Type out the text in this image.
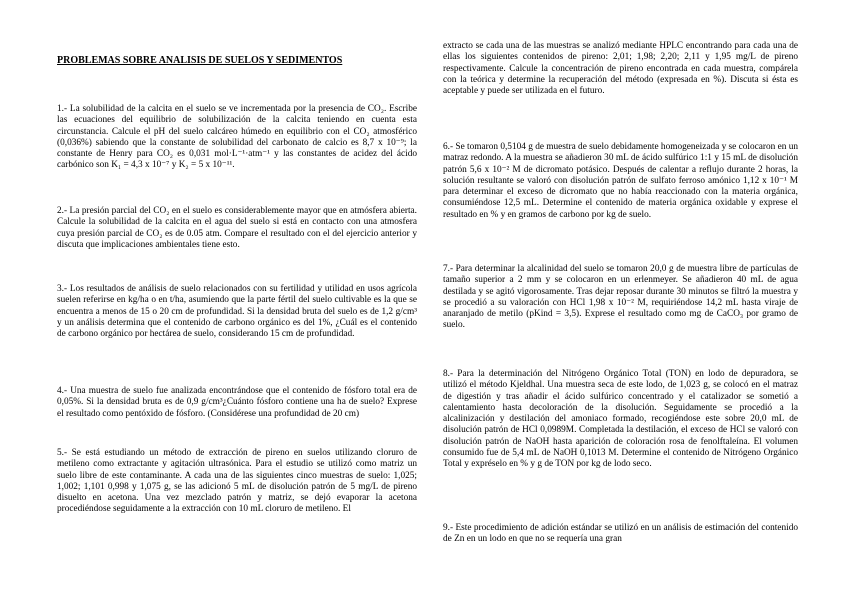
PROBLEMAS SOBRE ANALISIS DE SUELOS Y SEDIMENTOS

1.- La solubilidad de la calcita en el suelo se ve incrementada por la presencia de CO₂. Escribe las ecuaciones del equilibrio de solubilización de la calcita teniendo en cuenta esta circunstancia. Calcule el pH del suelo calcáreo húmedo en equilibrio con el CO₂ atmosférico (0,036%) sabiendo que la constante de solubilidad del carbonato de calcio es 8,7 x 10⁻⁹; la constante de Henry para CO₂ es 0,031 mol·L⁻¹·atm⁻¹ y las constantes de acidez del ácido carbónico son K₁ = 4,3 x 10⁻⁷ y K₂ = 5 x 10⁻¹¹.

2.- La presión parcial del CO₂ en el suelo es considerablemente mayor que en atmósfera abierta. Calcule la solubilidad de la calcita en el agua del suelo si está en contacto con una atmosfera cuya presión parcial de CO₂ es de 0.05 atm. Compare el resultado con el del ejercicio anterior y discuta que implicaciones ambientales tiene esto.

3.- Los resultados de análisis de suelo relacionados con su fertilidad y utilidad en usos agrícola suelen referirse en kg/ha o en t/ha, asumiendo que la parte fértil del suelo cultivable es la que se encuentra a menos de 15 o 20 cm de profundidad. Si la densidad bruta del suelo es de 1,2 g/cm³ y un análisis determina que el contenido de carbono orgánico es del 1%, ¿Cuál es el contenido de carbono orgánico por hectárea de suelo, considerando 15 cm de profundidad.

4.- Una muestra de suelo fue analizada encontrándose que el contenido de fósforo total era de 0,05%. Si la densidad bruta es de 0,9 g/cm³¿Cuánto fósforo contiene una ha de suelo? Exprese el resultado como pentóxido de fósforo. (Considérese una profundidad de 20 cm)

5.- Se está estudiando un método de extracción de pireno en suelos utilizando cloruro de metileno como extractante y agitación ultrasónica. Para el estudio se utilizó como matriz un suelo libre de este contaminante. A cada una de las siguientes cinco muestras de suelo: 1,025; 1,002; 1,101 0,998 y 1,075 g, se las adicionó 5 mL de disolución patrón de 5 mg/L de pireno disuelto en acetona. Una vez mezclado patrón y matriz, se dejó evaporar la acetona procediéndose seguidamente a la extracción con 10 mL cloruro de metileno. El

extracto se cada una de las muestras se analizó mediante HPLC encontrando para cada una de ellas los siguientes contenidos de pireno: 2,01; 1,98; 2,20; 2,11 y 1,95 mg/L de pireno respectivamente. Calcule la concentración de pireno encontrada en cada muestra, compárela con la teórica y determine la recuperación del método (expresada en %). Discuta si ésta es aceptable y puede ser utilizada en el futuro.

6.- Se tomaron 0,5104 g de muestra de suelo debidamente homogeneizada y se colocaron en un matraz redondo. A la muestra se añadieron 30 mL de ácido sulfúrico 1:1 y 15 mL de disolución patrón 5,6 x 10⁻² M de dicromato potásico. Después de calentar a reflujo durante 2 horas, la solución resultante se valoró con disolución patrón de sulfato ferroso amónico 1,12 x 10⁻¹ M para determinar el exceso de dicromato que no había reaccionado con la materia orgánica, consumiéndose 12,5 mL. Determine el contenido de materia orgánica oxidable y exprese el resultado en % y en gramos de carbono por kg de suelo.

7.- Para determinar la alcalinidad del suelo se tomaron 20,0 g de muestra libre de partículas de tamaño superior a 2 mm y se colocaron en un erlenmeyer. Se añadieron 40 mL de agua destilada y se agitó vigorosamente. Tras dejar reposar durante 30 minutos se filtró la muestra y se procedió a su valoración con HCl 1,98 x 10⁻² M, requiriéndose 14,2 mL hasta viraje de anaranjado de metilo (pKind = 3,5). Exprese el resultado como mg de CaCO₃ por gramo de suelo.

8.- Para la determinación del Nitrógeno Orgánico Total (TON) en lodo de depuradora, se utilizó el método Kjeldhal. Una muestra seca de este lodo, de 1,023 g, se colocó en el matraz de digestión y tras añadir el ácido sulfúrico concentrado y el catalizador se sometió a calentamiento hasta decoloración de la disolución. Seguidamente se procedió a la alcalinización y destilación del amoniaco formado, recogiéndose este sobre 20,0 mL de disolución patrón de HCl 0,0989M. Completada la destilación, el exceso de HCl se valoró con disolución patrón de NaOH hasta aparición de coloración rosa de fenolftaleína. El volumen consumido fue de 5,4 mL de NaOH 0,1013 M. Determine el contenido de Nitrógeno Orgánico Total y expréselo en % y g de TON por kg de lodo seco.

9.- Este procedimiento de adición estándar se utilizó en un análisis de estimación del contenido de Zn en un lodo en que no se requería una gran
